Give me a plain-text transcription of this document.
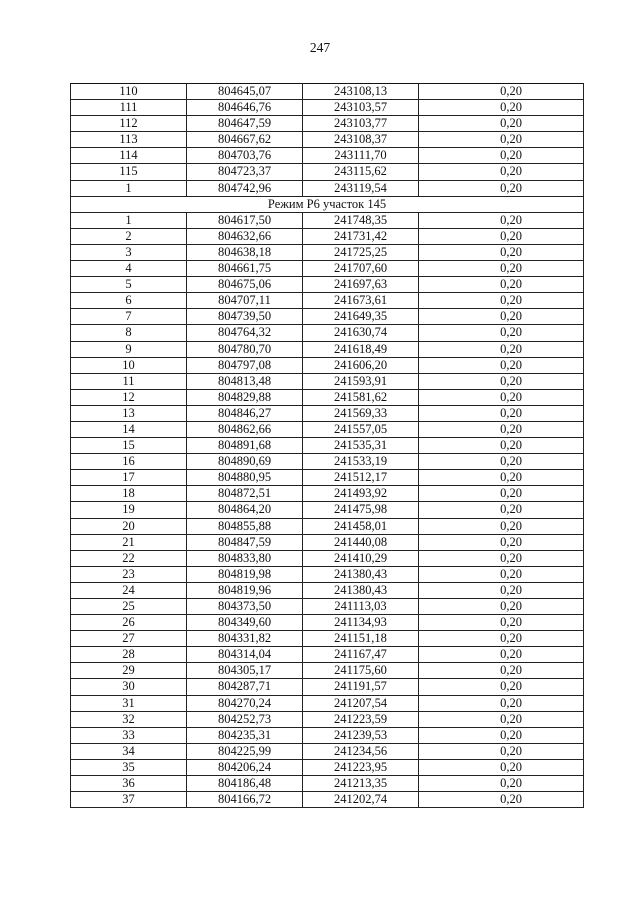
247
110	804645,07	243108,13	0,20
111	804646,76	243103,57	0,20
112	804647,59	243103,77	0,20
113	804667,62	243108,37	0,20
114	804703,76	243111,70	0,20
115	804723,37	243115,62	0,20
1	804742,96	243119,54	0,20
Режим Р6 участок 145			
1	804617,50	241748,35	0,20
2	804632,66	241731,42	0,20
3	804638,18	241725,25	0,20
4	804661,75	241707,60	0,20
5	804675,06	241697,63	0,20
6	804707,11	241673,61	0,20
7	804739,50	241649,35	0,20
8	804764,32	241630,74	0,20
9	804780,70	241618,49	0,20
10	804797,08	241606,20	0,20
11	804813,48	241593,91	0,20
12	804829,88	241581,62	0,20
13	804846,27	241569,33	0,20
14	804862,66	241557,05	0,20
15	804891,68	241535,31	0,20
16	804890,69	241533,19	0,20
17	804880,95	241512,17	0,20
18	804872,51	241493,92	0,20
19	804864,20	241475,98	0,20
20	804855,88	241458,01	0,20
21	804847,59	241440,08	0,20
22	804833,80	241410,29	0,20
23	804819,98	241380,43	0,20
24	804819,96	241380,43	0,20
25	804373,50	241113,03	0,20
26	804349,60	241134,93	0,20
27	804331,82	241151,18	0,20
28	804314,04	241167,47	0,20
29	804305,17	241175,60	0,20
30	804287,71	241191,57	0,20
31	804270,24	241207,54	0,20
32	804252,73	241223,59	0,20
33	804235,31	241239,53	0,20
34	804225,99	241234,56	0,20
35	804206,24	241223,95	0,20
36	804186,48	241213,35	0,20
37	804166,72	241202,74	0,20
